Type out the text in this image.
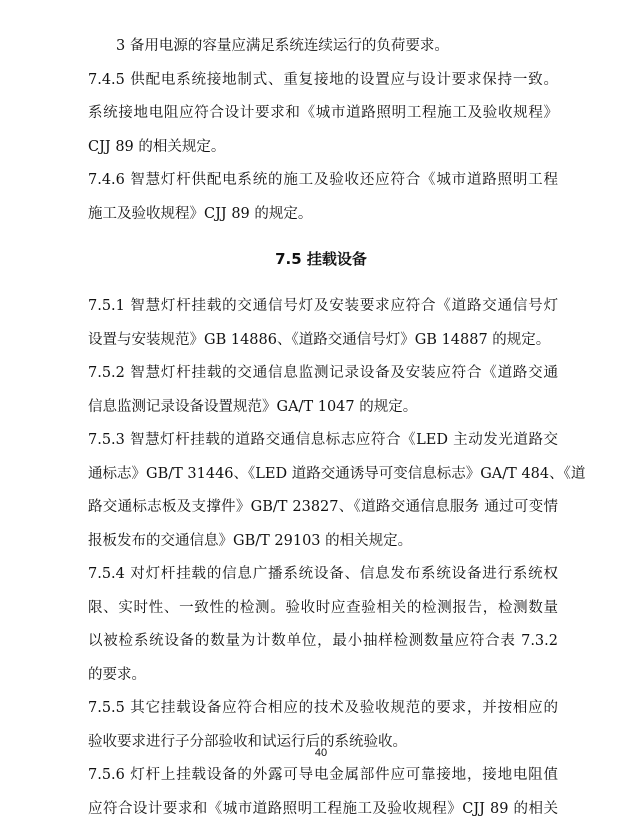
3 备用电源的容量应满足系统连续运行的负荷要求。
7.4.5 供配电系统接地制式、重复接地的设置应与设计要求保持一致。
系统接地电阻应符合设计要求和《城市道路照明工程施工及验收规程》
CJJ 89 的相关规定。
7.4.6 智慧灯杆供配电系统的施工及验收还应符合《城市道路照明工程
施工及验收规程》CJJ 89 的规定。
7.5 挂载设备
7.5.1 智慧灯杆挂载的交通信号灯及安装要求应符合《道路交通信号灯
设置与安装规范》GB 14886、《道路交通信号灯》GB 14887 的规定。
7.5.2 智慧灯杆挂载的交通信息监测记录设备及安装应符合《道路交通
信息监测记录设备设置规范》GA/T 1047 的规定。
7.5.3 智慧灯杆挂载的道路交通信息标志应符合《LED 主动发光道路交
通标志》GB/T 31446、《LED 道路交通诱导可变信息标志》GA/T 484、《道
路交通标志板及支撑件》GB/T 23827、《道路交通信息服务 通过可变情
报板发布的交通信息》GB/T 29103 的相关规定。
7.5.4 对灯杆挂载的信息广播系统设备、信息发布系统设备进行系统权
限、实时性、一致性的检测。验收时应查验相关的检测报告，检测数量
以被检系统设备的数量为计数单位，最小抽样检测数量应符合表 7.3.2
的要求。
7.5.5 其它挂载设备应符合相应的技术及验收规范的要求，并按相应的
验收要求进行子分部验收和试运行后的系统验收。
7.5.6 灯杆上挂载设备的外露可导电金属部件应可靠接地，接地电阻值
应符合设计要求和《城市道路照明工程施工及验收规程》CJJ 89 的相关
40
